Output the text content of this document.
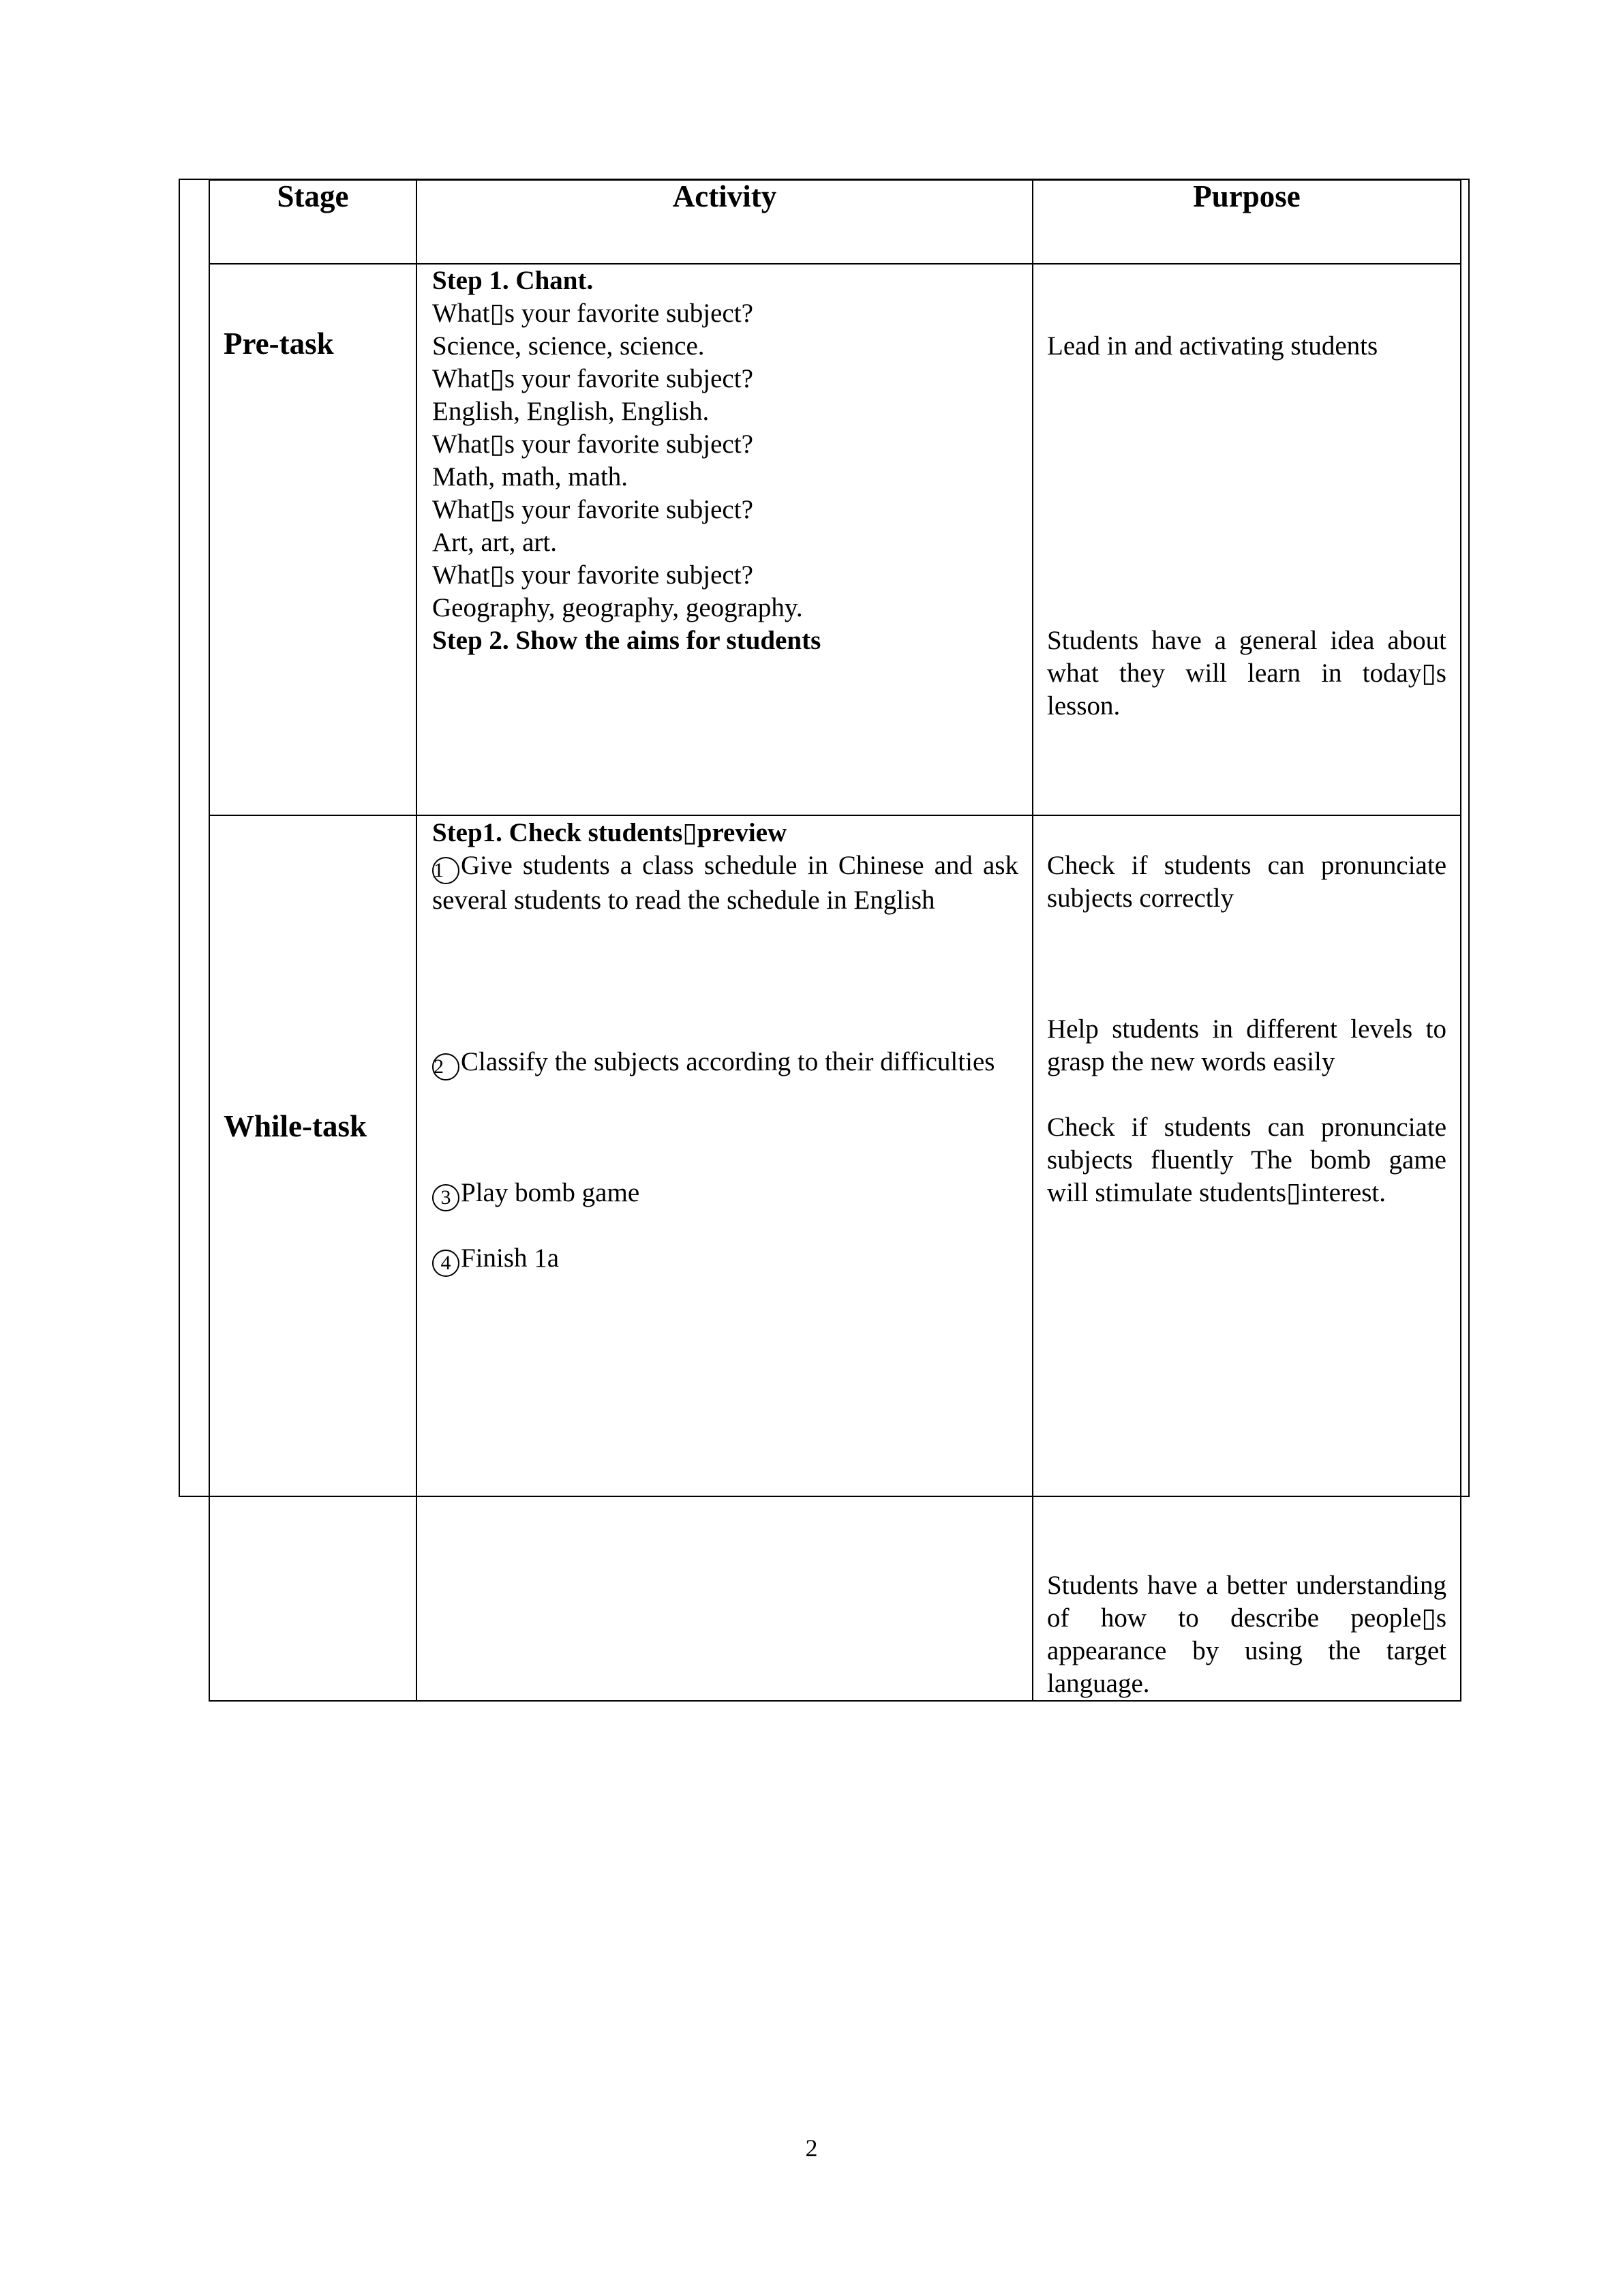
Stage	Activity	Purpose
Pre-task
Step 1. Chant.
What▯s your favorite subject?
Science, science, science.
What▯s your favorite subject?
English, English, English.
What▯s your favorite subject?
Math, math, math.
What▯s your favorite subject?
Art, art, art.
What▯s your favorite subject?
Geography, geography, geography.
Step 2. Show the aims for students
Lead in and activating students
Students have a general idea about what they will learn in today▯s lesson.
While-task
Step1. Check students▯preview
1 Give students a class schedule in Chinese and ask several students to read the schedule in English
2 Classify the subjects according to their difficulties
3 Play bomb game
4 Finish 1a
Check if students can pronunciate subjects correctly
Help students in different levels to grasp the new words easily
Check if students can pronunciate subjects fluently The bomb game will stimulate students▯interest.
Students have a better understanding of how to describe people▯s appearance by using the target language.
2
